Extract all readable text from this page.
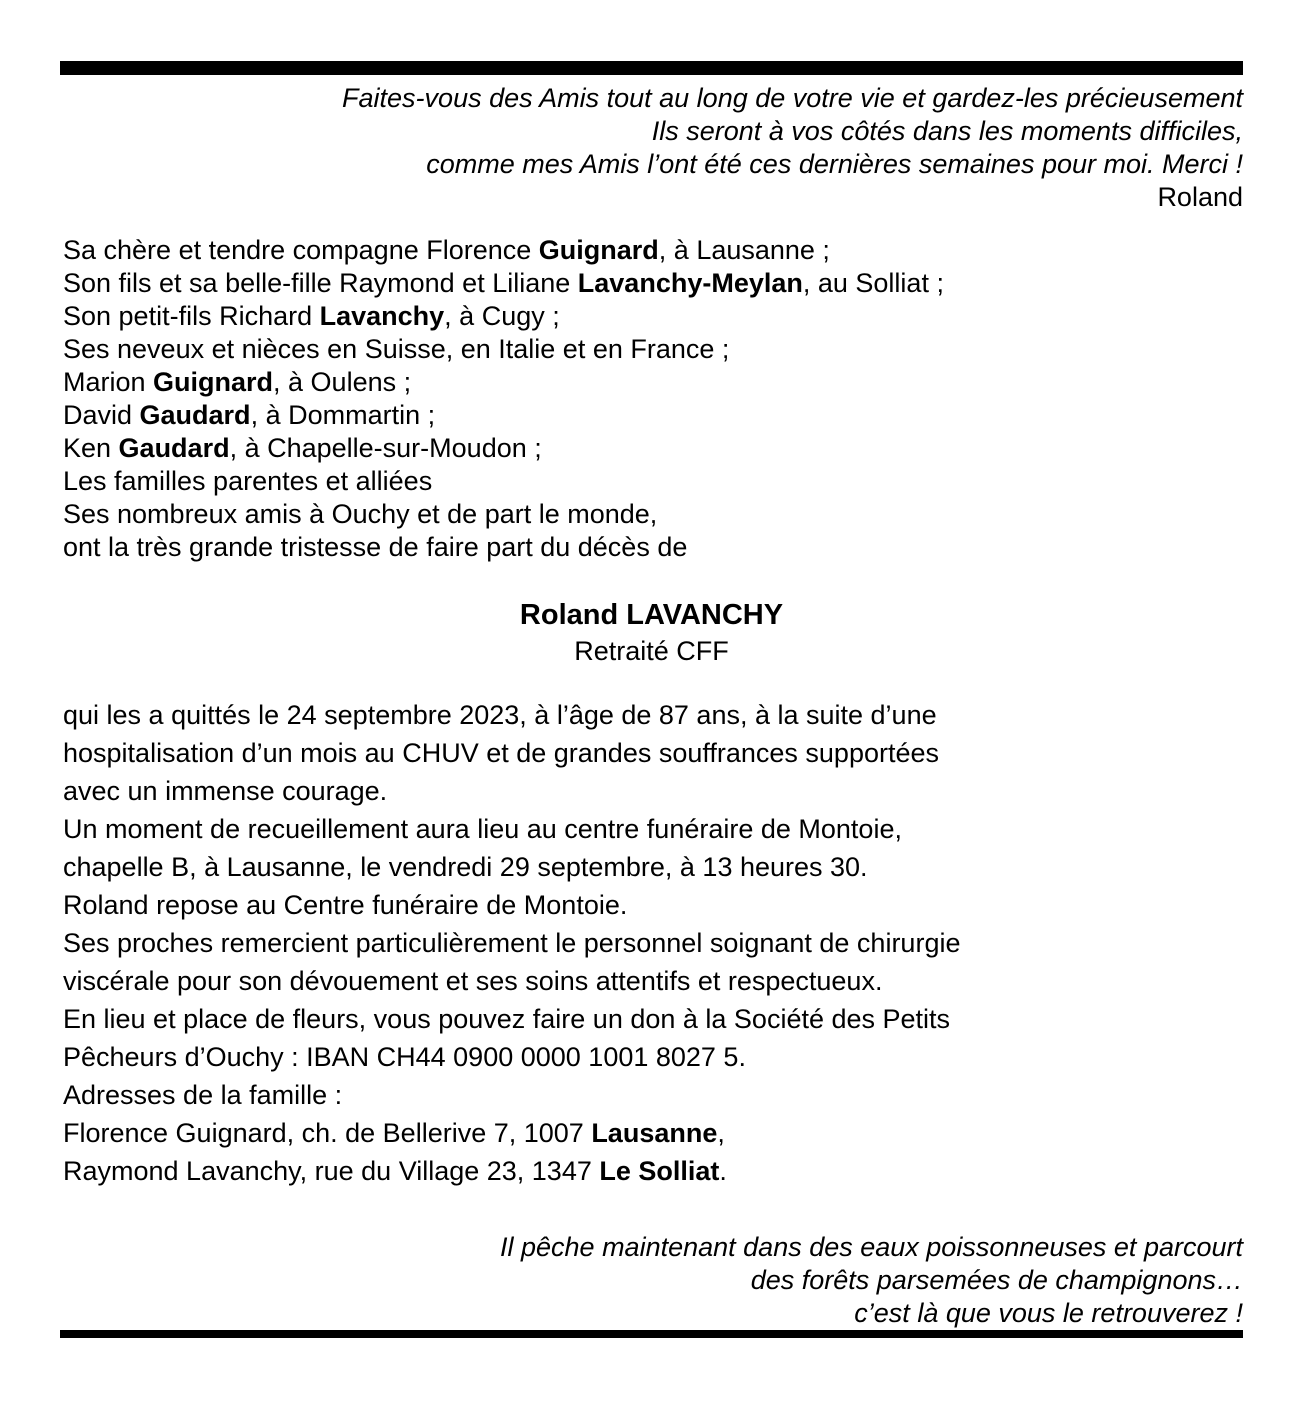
Faites-vous des Amis tout au long de votre vie et gardez-les précieusement
Ils seront à vos côtés dans les moments difficiles,
comme mes Amis l’ont été ces dernières semaines pour moi. Merci !
Roland
Sa chère et tendre compagne Florence Guignard, à Lausanne ;
Son fils et sa belle-fille Raymond et Liliane Lavanchy-Meylan, au Solliat ;
Son petit-fils Richard Lavanchy, à Cugy ;
Ses neveux et nièces en Suisse, en Italie et en France ;
Marion Guignard, à Oulens ;
David Gaudard, à Dommartin ;
Ken Gaudard, à Chapelle-sur-Moudon ;
Les familles parentes et alliées
Ses nombreux amis à Ouchy et de part le monde,
ont la très grande tristesse de faire part du décès de
Roland LAVANCHY
Retraité CFF
qui les a quittés le 24 septembre 2023, à l’âge de 87 ans, à la suite d’une
hospitalisation d’un mois au CHUV et de grandes souffrances supportées
avec un immense courage.
Un moment de recueillement aura lieu au centre funéraire de Montoie,
chapelle B, à Lausanne, le vendredi 29 septembre, à 13 heures 30.
Roland repose au Centre funéraire de Montoie.
Ses proches remercient particulièrement le personnel soignant de chirurgie
viscérale pour son dévouement et ses soins attentifs et respectueux.
En lieu et place de fleurs, vous pouvez faire un don à la Société des Petits
Pêcheurs d’Ouchy : IBAN CH44 0900 0000 1001 8027 5.
Adresses de la famille :
Florence Guignard, ch. de Bellerive 7, 1007 Lausanne,
Raymond Lavanchy, rue du Village 23, 1347 Le Solliat.
Il pêche maintenant dans des eaux poissonneuses et parcourt
des forêts parsemées de champignons…
c’est là que vous le retrouverez !
